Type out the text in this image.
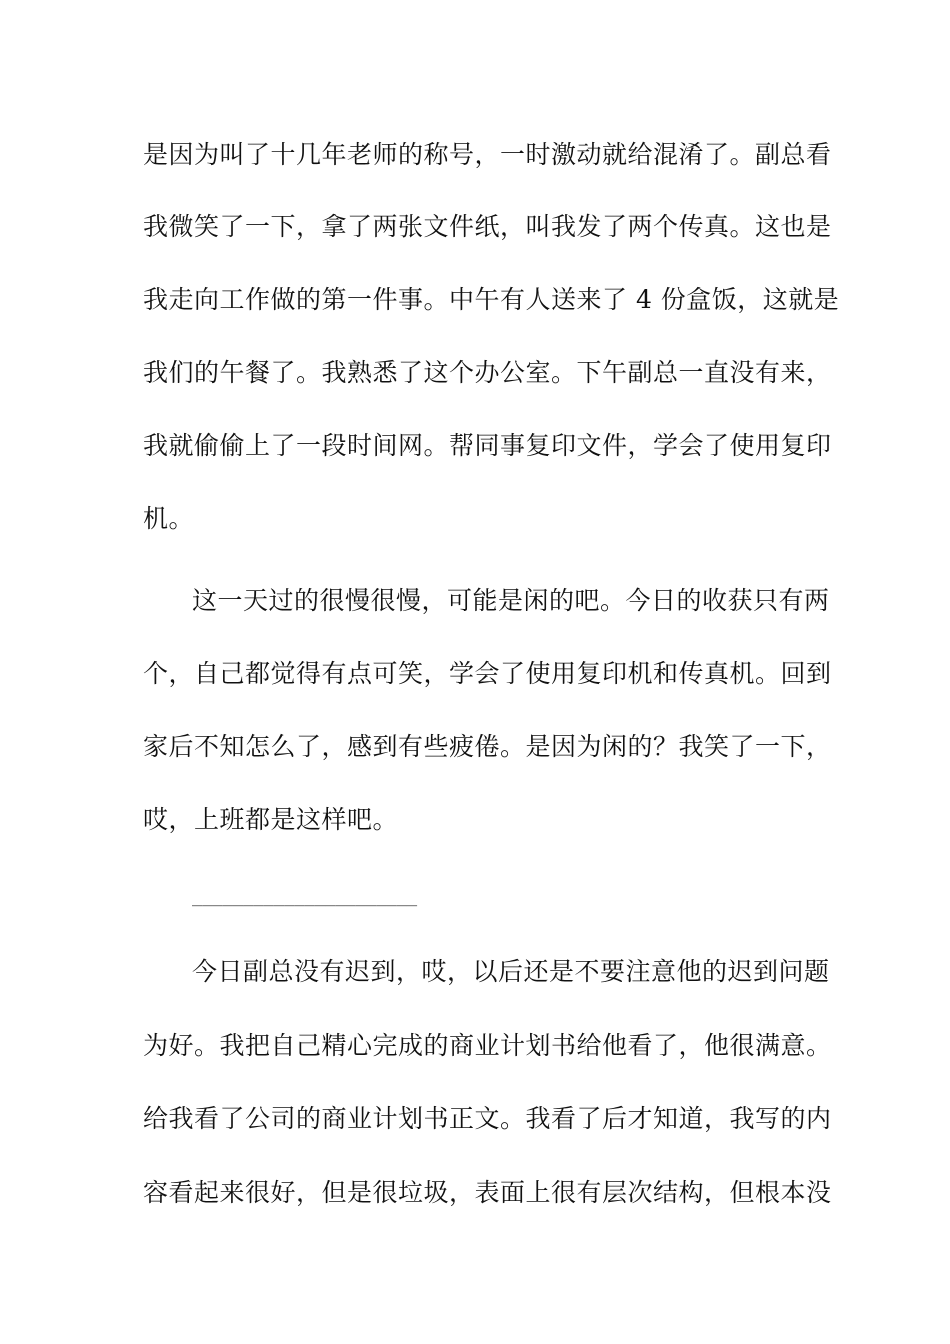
是因为叫了十几年老师的称号，一时激动就给混淆了。副总看
我微笑了一下，拿了两张文件纸，叫我发了两个传真。这也是
我走向工作做的第一件事。中午有人送来了 4 份盒饭，这就是
我们的午餐了。我熟悉了这个办公室。下午副总一直没有来，
我就偷偷上了一段时间网。帮同事复印文件，学会了使用复印
机。
这一天过的很慢很慢，可能是闲的吧。今日的收获只有两
个，自己都觉得有点可笑，学会了使用复印机和传真机。回到
家后不知怎么了，感到有些疲倦。是因为闲的？我笑了一下，
哎，上班都是这样吧。
______________________
今日副总没有迟到，哎，以后还是不要注意他的迟到问题
为好。我把自己精心完成的商业计划书给他看了，他很满意。
给我看了公司的商业计划书正文。我看了后才知道，我写的内
容看起来很好，但是很垃圾，表面上很有层次结构，但根本没
